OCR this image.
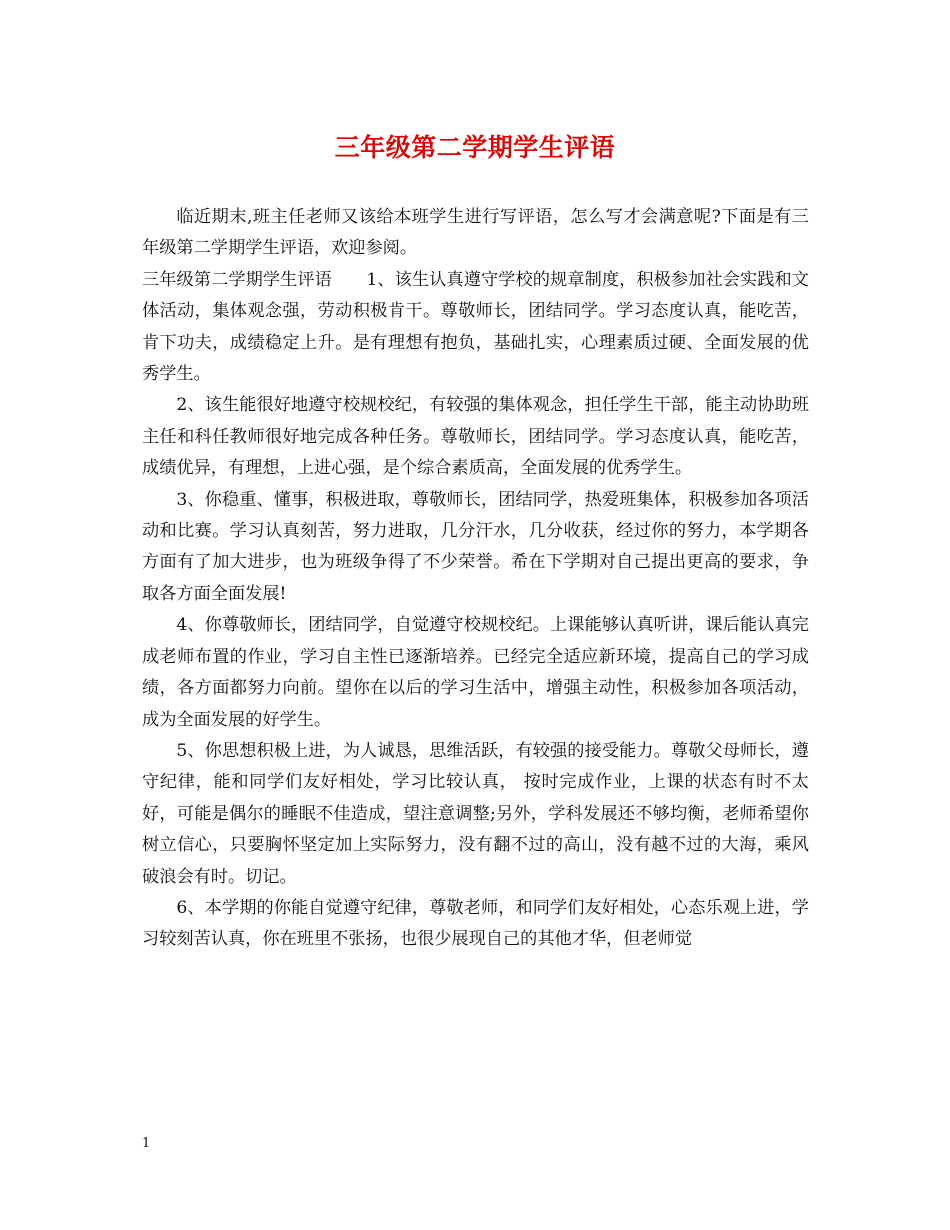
三年级第二学期学生评语

临近期末,班主任老师又该给本班学生进行写评语，怎么写才会满意呢?下面是有三年级第二学期学生评语，欢迎参阅。

三年级第二学期学生评语 1、该生认真遵守学校的规章制度，积极参加社会实践和文体活动，集体观念强，劳动积极肯干。尊敬师长，团结同学。学习态度认真，能吃苦，肯下功夫，成绩稳定上升。是有理想有抱负，基础扎实，心理素质过硬、全面发展的优秀学生。

2、该生能很好地遵守校规校纪，有较强的集体观念，担任学生干部，能主动协助班主任和科任教师很好地完成各种任务。尊敬师长，团结同学。学习态度认真，能吃苦，成绩优异，有理想，上进心强，是个综合素质高，全面发展的优秀学生。

3、你稳重、懂事，积极进取，尊敬师长，团结同学，热爱班集体，积极参加各项活动和比赛。学习认真刻苦，努力进取，几分汗水，几分收获，经过你的努力，本学期各方面有了加大进步，也为班级争得了不少荣誉。希在下学期对自己提出更高的要求，争取各方面全面发展!

4、你尊敬师长，团结同学，自觉遵守校规校纪。上课能够认真听讲，课后能认真完成老师布置的作业，学习自主性已逐渐培养。已经完全适应新环境，提高自己的学习成绩，各方面都努力向前。望你在以后的学习生活中，增强主动性，积极参加各项活动，成为全面发展的好学生。

5、你思想积极上进，为人诚恳，思维活跃，有较强的接受能力。尊敬父母师长，遵守纪律，能和同学们友好相处，学习比较认真， 按时完成作业，上课的状态有时不太好，可能是偶尔的睡眠不佳造成，望注意调整;另外，学科发展还不够均衡，老师希望你树立信心，只要胸怀坚定加上实际努力，没有翻不过的高山，没有越不过的大海，乘风破浪会有时。切记。

6、本学期的你能自觉遵守纪律，尊敬老师，和同学们友好相处，心态乐观上进，学习较刻苦认真，你在班里不张扬，也很少展现自己的其他才华，但老师觉

1
